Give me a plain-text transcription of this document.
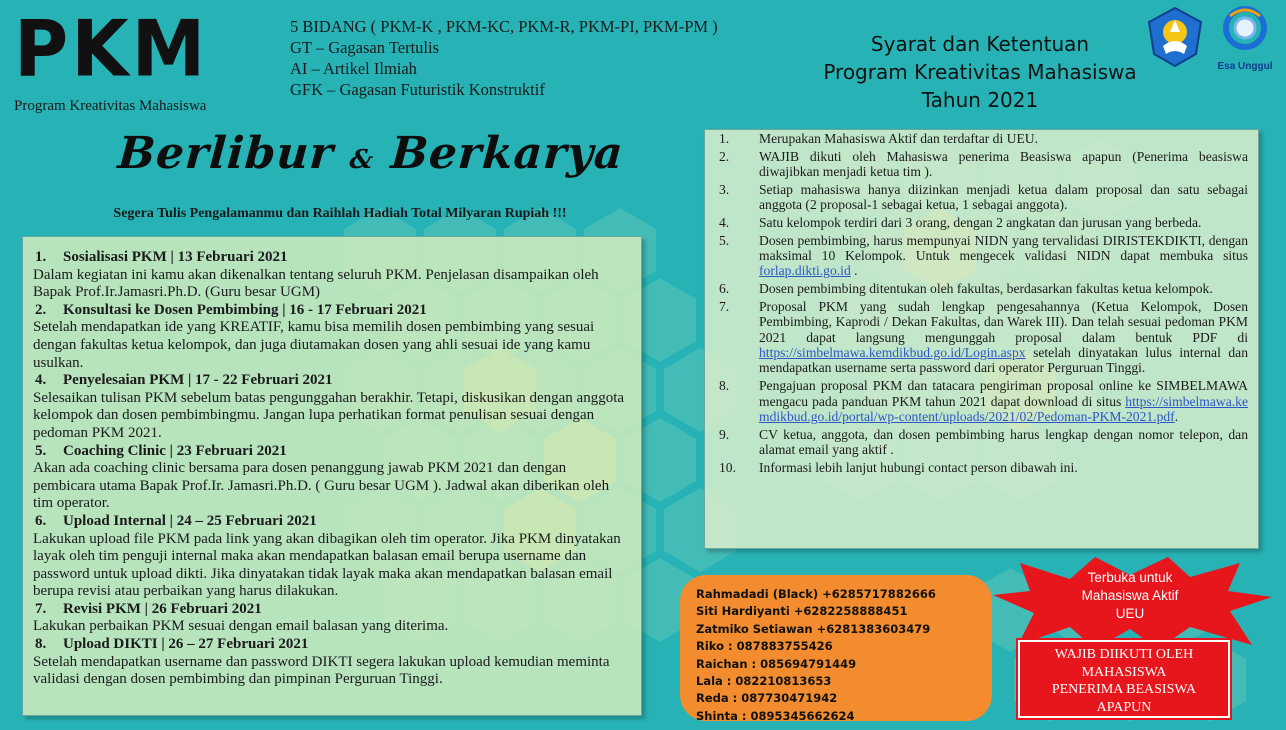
PKM
Program Kreativitas Mahasiswa
5 BIDANG ( PKM-K , PKM-KC, PKM-R, PKM-PI, PKM-PM )
GT – Gagasan Tertulis
AI – Artikel Ilmiah
GFK – Gagasan Futuristik Konstruktif
Syarat dan Ketentuan
Program Kreativitas Mahasiswa
Tahun 2021
Esa Unggul
Berlibur & Berkarya
Segera Tulis Pengalamanmu dan Raihlah Hadiah Total Milyaran Rupiah !!!
1. Sosialisasi PKM | 13 Februari 2021
Dalam kegiatan ini kamu akan dikenalkan tentang seluruh PKM. Penjelasan disampaikan oleh Bapak Prof.Ir.Jamasri.Ph.D. (Guru besar UGM)
2. Konsultasi ke Dosen Pembimbing | 16 - 17 Februari 2021
Setelah mendapatkan ide yang KREATIF, kamu bisa memilih dosen pembimbing yang sesuai dengan fakultas ketua kelompok, dan juga diutamakan dosen yang ahli sesuai ide yang kamu usulkan.
4. Penyelesaian PKM | 17 - 22 Februari 2021
Selesaikan tulisan PKM sebelum batas pengunggahan berakhir. Tetapi, diskusikan dengan anggota kelompok dan dosen pembimbingmu. Jangan lupa perhatikan format penulisan sesuai dengan pedoman PKM 2021.
5. Coaching Clinic | 23 Februari 2021
Akan ada coaching clinic bersama para dosen penanggung jawab PKM 2021 dan dengan pembicara utama Bapak Prof.Ir. Jamasri.Ph.D. ( Guru besar UGM ). Jadwal akan diberikan oleh tim operator.
6. Upload Internal | 24 – 25 Februari 2021
Lakukan upload file PKM pada link yang akan dibagikan oleh tim operator. Jika PKM dinyatakan layak oleh tim penguji internal maka akan mendapatkan balasan email berupa username dan password untuk upload dikti. Jika dinyatakan tidak layak maka akan mendapatkan balasan email berupa revisi atau perbaikan yang harus dilakukan.
7. Revisi PKM | 26 Februari 2021
Lakukan perbaikan PKM sesuai dengan email balasan yang diterima.
8. Upload DIKTI | 26 – 27 Februari 2021
Setelah mendapatkan username dan password DIKTI segera lakukan upload kemudian meminta validasi dengan dosen pembimbing dan pimpinan Perguruan Tinggi.
1.	Merupakan Mahasiswa Aktif dan terdaftar di UEU.
2.	WAJIB dikuti oleh Mahasiswa penerima Beasiswa apapun (Penerima beasiswa diwajibkan menjadi ketua tim ).
3.	Setiap mahasiswa hanya diizinkan menjadi ketua dalam proposal dan satu sebagai anggota (2 proposal-1 sebagai ketua, 1 sebagai anggota).
4.	Satu kelompok terdiri dari 3 orang, dengan 2 angkatan dan jurusan yang berbeda.
5.	Dosen pembimbing, harus mempunyai NIDN yang tervalidasi DIRISTEKDIKTI, dengan maksimal 10 Kelompok. Untuk mengecek validasi NIDN dapat membuka situs forlap.dikti.go.id .
6.	Dosen pembimbing ditentukan oleh fakultas, berdasarkan fakultas ketua kelompok.
7.	Proposal PKM yang sudah lengkap pengesahannya (Ketua Kelompok, Dosen Pembimbing, Kaprodi / Dekan Fakultas, dan Warek III). Dan telah sesuai pedoman PKM 2021 dapat langsung mengunggah proposal dalam bentuk PDF di https://simbelmawa.kemdikbud.go.id/Login.aspx setelah dinyatakan lulus internal dan mendapatkan username serta password dari operator Perguruan Tinggi.
8.	Pengajuan proposal PKM dan tatacara pengiriman proposal online ke SIMBELMAWA mengacu pada panduan PKM tahun 2021 dapat download di situs https://simbelmawa.kemdikbud.go.id/portal/wp-content/uploads/2021/02/Pedoman-PKM-2021.pdf.
9.	CV ketua, anggota, dan dosen pembimbing harus lengkap dengan nomor telepon, dan alamat email yang aktif .
10.	Informasi lebih lanjut hubungi contact person dibawah ini.
Rahmadadi (Black) +6285717882666
Siti Hardiyanti +6282258888451
Zatmiko Setiawan +6281383603479
Riko : 087883755426
Raichan : 085694791449
Lala : 082210813653
Reda : 087730471942
Shinta : 0895345662624
Terbuka untuk
Mahasiswa Aktif
UEU
WAJIB DIIKUTI OLEH
MAHASISWA
PENERIMA BEASISWA
APAPUN
